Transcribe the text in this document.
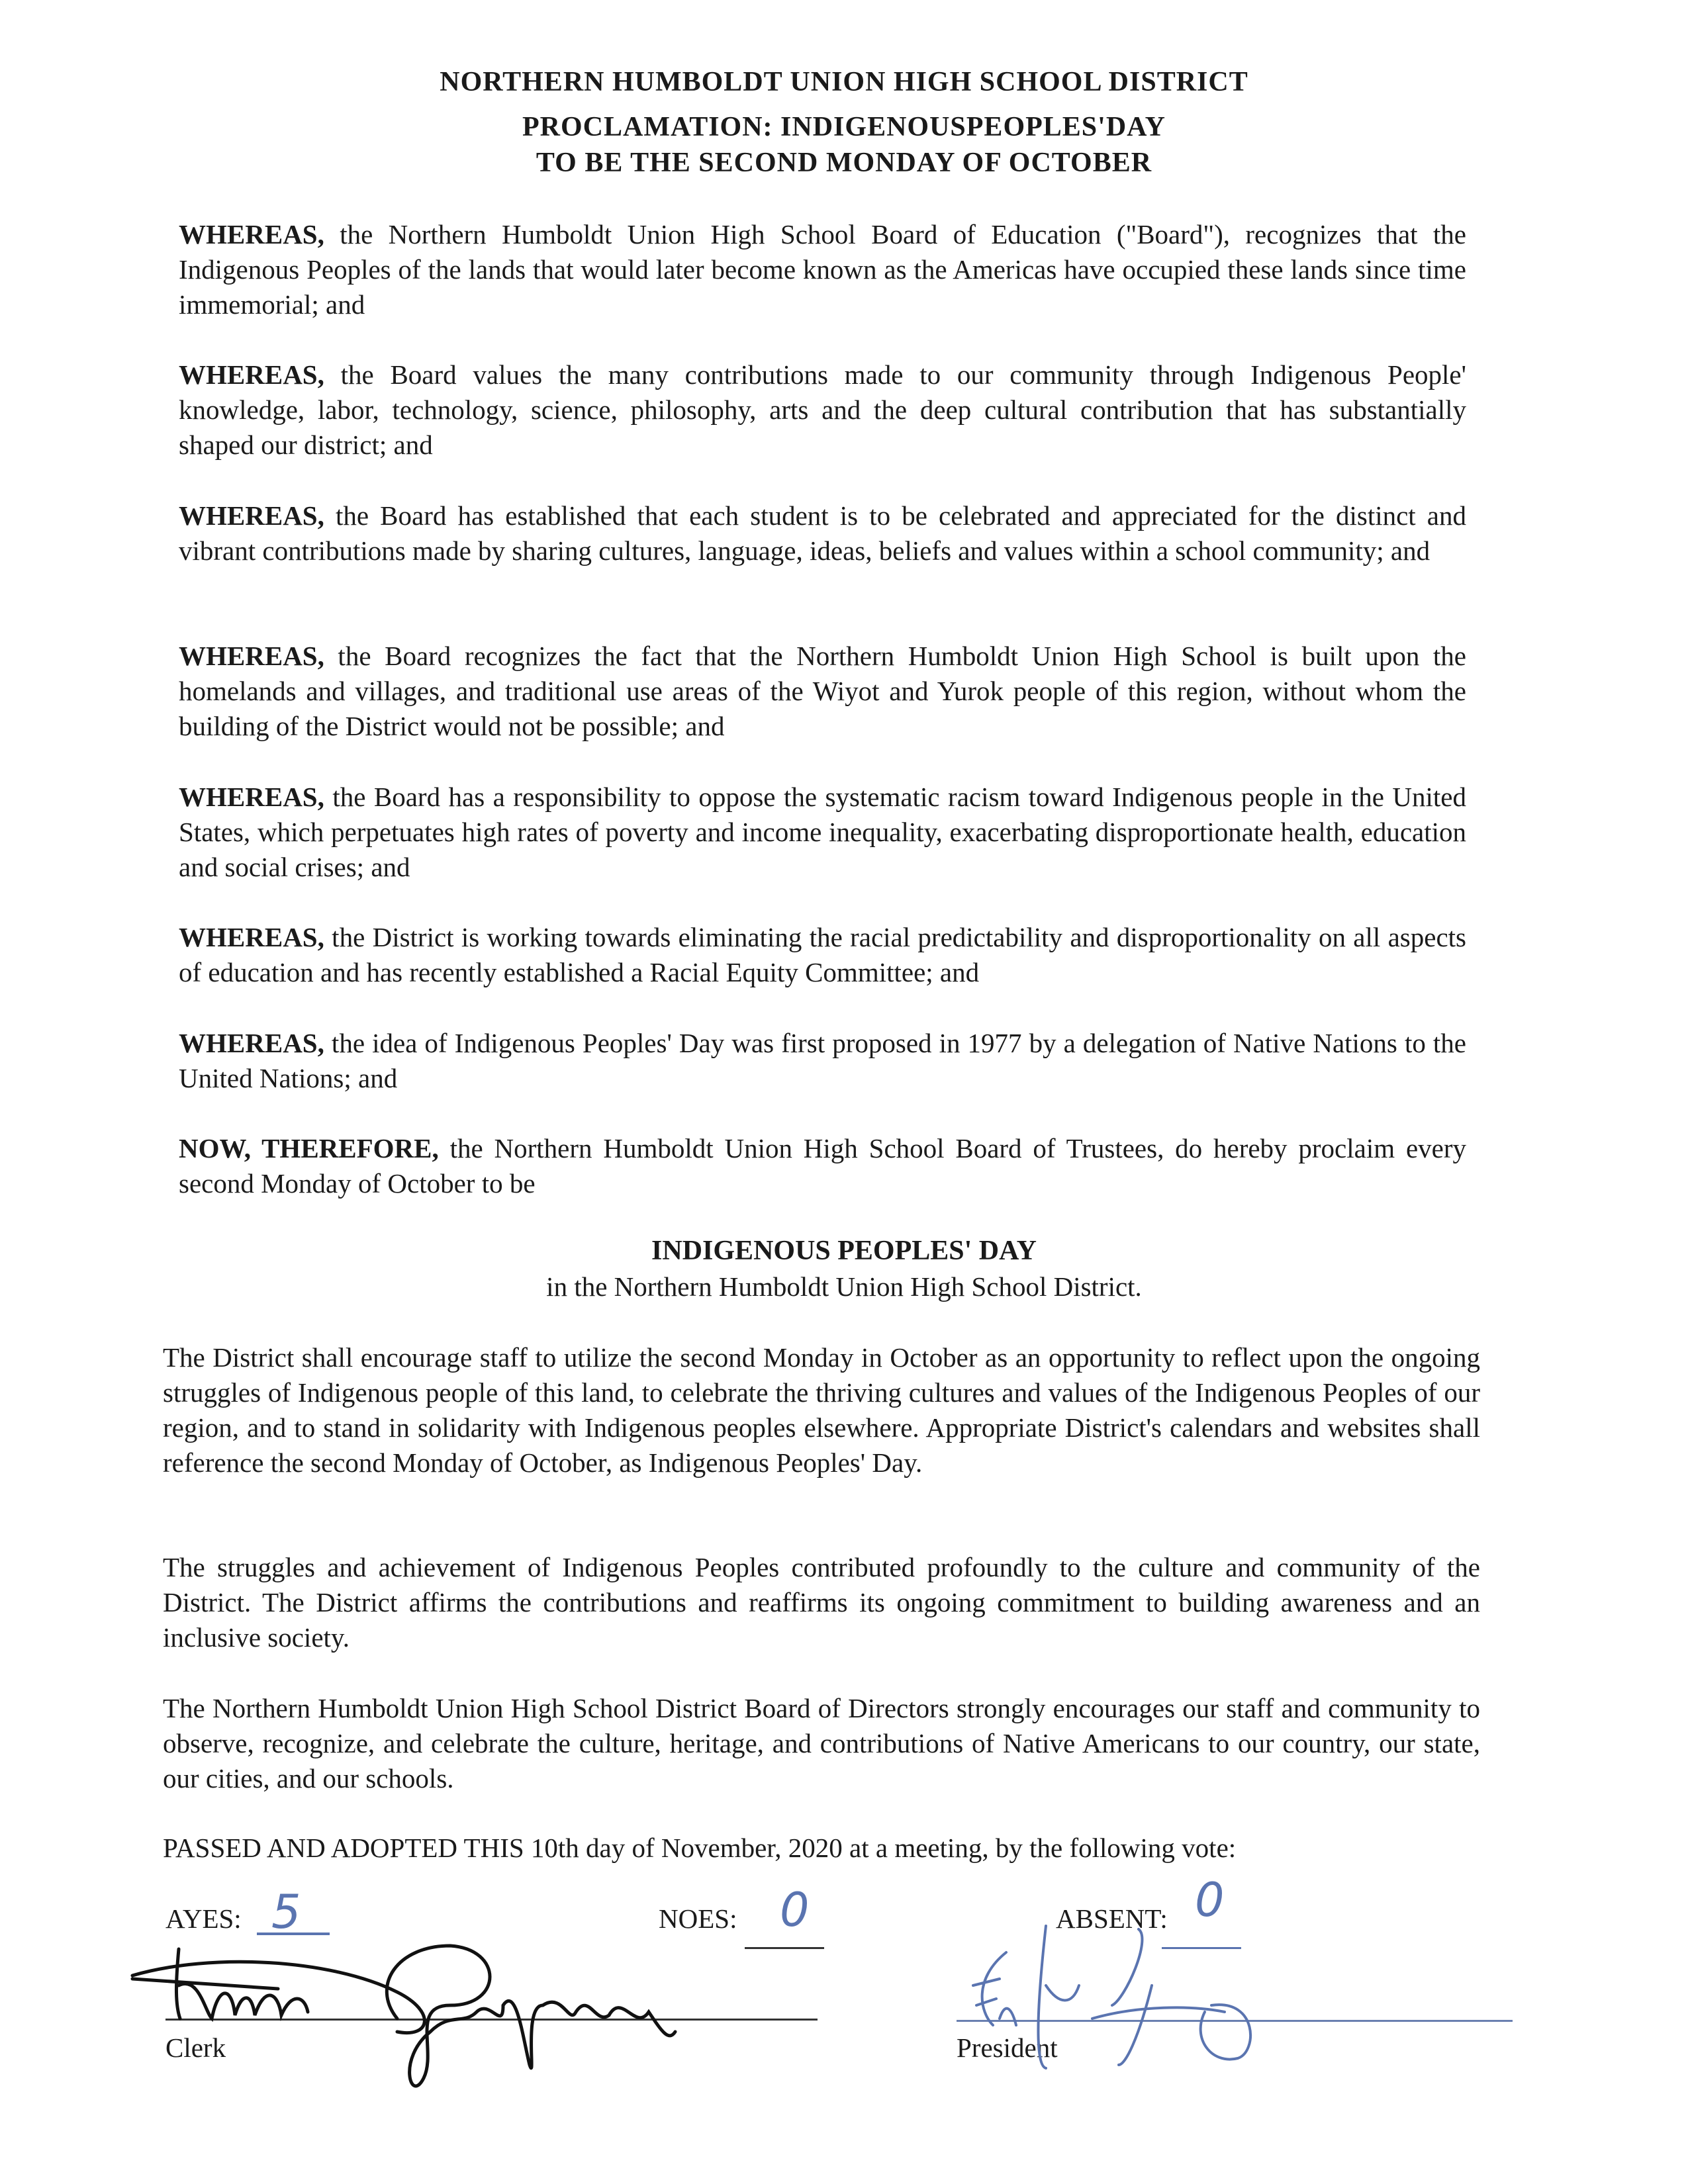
NORTHERN HUMBOLDT UNION HIGH SCHOOL DISTRICT
PROCLAMATION: INDIGENOUSPEOPLES'DAY
TO BE THE SECOND MONDAY OF OCTOBER
WHEREAS, the Northern Humboldt Union High School Board of Education ("Board"), recognizes that the Indigenous Peoples of the lands that would later become known as the Americas have occupied these lands since time immemorial; and
WHEREAS, the Board values the many contributions made to our community through Indigenous People' knowledge, labor, technology, science, philosophy, arts and the deep cultural contribution that has substantially shaped our district; and
WHEREAS, the Board has established that each student is to be celebrated and appreciated for the distinct and vibrant contributions made by sharing cultures, language, ideas, beliefs and values within a school community; and
WHEREAS, the Board recognizes the fact that the Northern Humboldt Union High School is built upon the homelands and villages, and traditional use areas of the Wiyot and Yurok people of this region, without whom the building of the District would not be possible; and
WHEREAS, the Board has a responsibility to oppose the systematic racism toward Indigenous people in the United States, which perpetuates high rates of poverty and income inequality, exacerbating disproportionate health, education and social crises; and
WHEREAS, the District is working towards eliminating the racial predictability and disproportionality on all aspects of education and has recently established a Racial Equity Committee; and
WHEREAS, the idea of Indigenous Peoples' Day was first proposed in 1977 by a delegation of Native Nations to the United Nations; and
NOW, THEREFORE, the Northern Humboldt Union High School Board of Trustees, do hereby proclaim every second Monday of October to be
INDIGENOUS PEOPLES' DAY
in the Northern Humboldt Union High School District.
The District shall encourage staff to utilize the second Monday in October as an opportunity to reflect upon the ongoing struggles of Indigenous people of this land, to celebrate the thriving cultures and values of the Indigenous Peoples of our region, and to stand in solidarity with Indigenous peoples elsewhere. Appropriate District's calendars and websites shall reference the second Monday of October, as Indigenous Peoples' Day.
The struggles and achievement of Indigenous Peoples contributed profoundly to the culture and community of the District. The District affirms the contributions and reaffirms its ongoing commitment to building awareness and an inclusive society.
The Northern Humboldt Union High School District Board of Directors strongly encourages our staff and community to observe, recognize, and celebrate the culture, heritage, and contributions of Native Americans to our country, our state, our cities, and our schools.
PASSED AND ADOPTED THIS 10th day of November, 2020 at a meeting, by the following vote:
AYES: 5	NOES: 0	ABSENT: 0
Clerk	President
